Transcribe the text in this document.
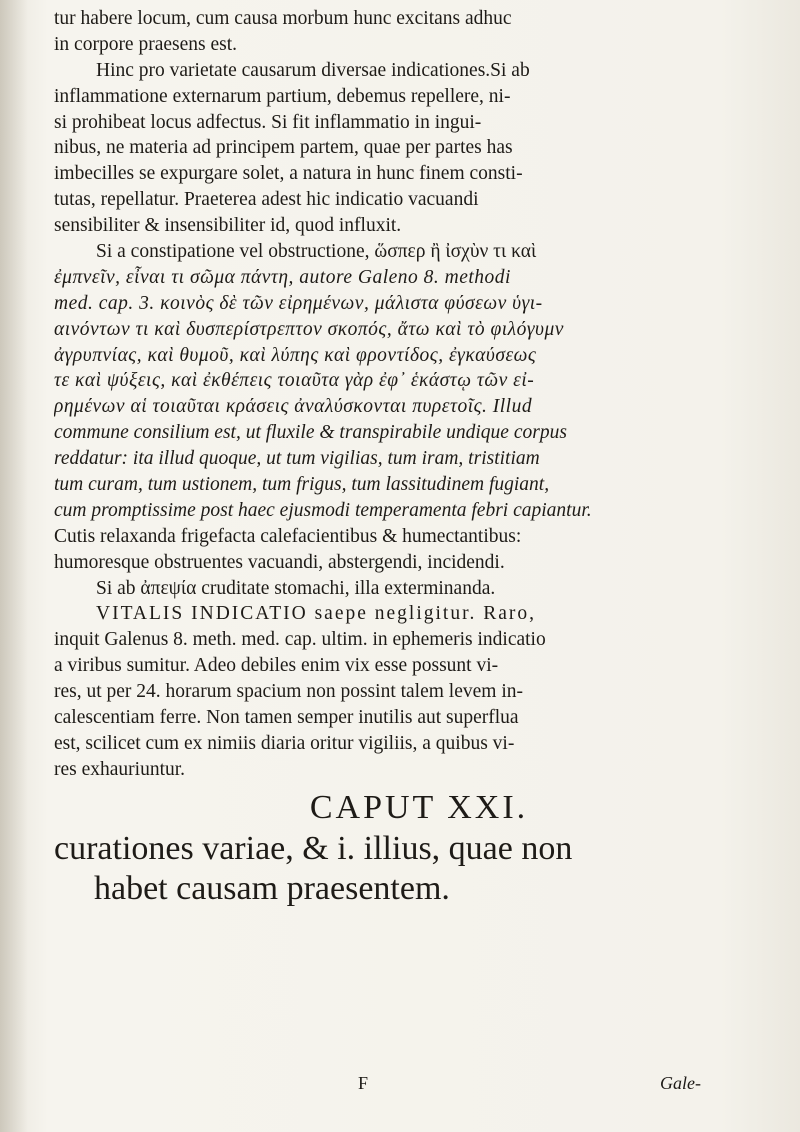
tur habere locum, cum causa morbum hunc excitans adhuc
in corpore praesens est.
Hinc pro varietate causarum diversae indicationes.Si ab
inflammatione externarum partium, debemus repellere, ni-
si prohibeat locus adfectus. Si fit inflammatio in ingui-
nibus, ne materia ad principem partem, quae per partes has
imbecilles se expurgare solet, a natura in hunc finem consti-
tutas, repellatur. Praeterea adest hic indicatio vacuandi
sensibiliter & insensibiliter id, quod influxit.
Si a constipatione vel obstructione, ὥσπερ ἢ ἰσχὺν τι καὶ
ἐμπνεῖν, εἶναι τι σῶμα πάντη, autore Galeno 8. methodi
med. cap. 3. κοινὸς δὲ τῶν εἰρημένων, μάλιστα φύσεων ὑγι-
αινόντων τι καὶ δυσπερίστρεπτον σκοπός, ἄτω καὶ τὸ φιλόγυμν
ἀγρυπνίας, καὶ θυμοῦ, καὶ λύπης καὶ φροντίδος, ἐγκαύσεως
τε καὶ ψύξεις, καὶ ἐκθέπεις τοιαῦτα γὰρ ἐφ᾽ ἑκάστῳ τῶν εἰ-
ρημένων αἱ τοιαῦται κράσεις ἀναλύσκονται πυρετοῖς. Illud
commune consilium est, ut fluxile & transpirabile undique corpus
reddatur: ita illud quoque, ut tum vigilias, tum iram, tristitiam
tum curam, tum ustionem, tum frigus, tum lassitudinem fugiant,
cum promptissime post haec ejusmodi temperamenta febri capiantur.
Cutis relaxanda frigefacta calefacientibus & humectantibus:
humoresque obstruentes vacuandi, abstergendi, incidendi.
Si ab ἀπεψία cruditate stomachi, illa exterminanda.
VITALIS INDICATIO saepe negligitur. Raro,
inquit Galenus 8. meth. med. cap. ultim. in ephemeris indicatio
a viribus sumitur. Adeo debiles enim vix esse possunt vi-
res, ut per 24. horarum spacium non possint talem levem in-
calescentiam ferre. Non tamen semper inutilis aut superflua
est, scilicet cum ex nimiis diaria oritur vigiliis, a quibus vi-
res exhauriuntur.
CAPUT XXI.
curationes variae, & i. illius, quae non
habet causam praesentem.
F	Gale-
